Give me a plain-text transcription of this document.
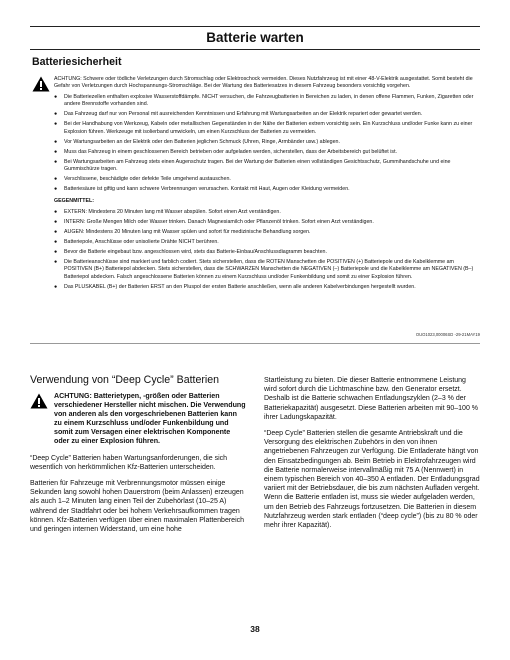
Batterie warten
Batteriesicherheit
ACHTUNG: Schwere oder tödliche Verletzungen durch Stromschlag oder Elektroschock vermeiden. Dieses Nutzfahrzeug ist mit einer 48-V-Elektrik ausgestattet. Somit besteht die Gefahr von Verletzungen durch Hochspannungs-Stromschläge. Bei der Wartung des Batteriesatzes in diesem Fahrzeug besonders vorsichtig vorgehen.
● Die Batteriezellen enthalten explosive Wasserstoffdämpfe. NICHT versuchen, die Fahrzeugbatterien in Bereichen zu laden, in denen offene Flammen, Funken, Zigaretten oder andere Brennstoffe vorhanden sind.
● Das Fahrzeug darf nur von Personal mit ausreichenden Kenntnissen und Erfahrung mit Wartungsarbeiten an der Elektrik repariert oder gewartet werden.
● Bei der Handhabung von Werkzeug, Kabeln oder metallischen Gegenständen in der Nähe der Batterien extrem vorsichtig sein. Ein Kurzschluss und/oder Funke kann zu einer Explosion führen. Werkzeuge mit isolierband umwickeln, um einen Kurzschluss der Batterien zu vermeiden.
● Vor Wartungsarbeiten an der Elektrik oder den Batterien jeglichen Schmuck (Uhren, Ringe, Armbänder usw.) ablegen.
● Muss das Fahrzeug in einem geschlossenen Bereich betrieben oder aufgeladen werden, sicherstellen, dass der Arbeitsbereich gut belüftet ist.
● Bei Wartungsarbeiten am Fahrzeug stets einen Augenschutz tragen. Bei der Wartung der Batterien einen vollständigen Gesichtsschutz, Gummihandschuhe und eine Gummischürze tragen.
● Verschlissene, beschädigte oder defekte Teile umgehend austauschen.
● Batteriesäure ist giftig und kann schwere Verbrennungen verursachen. Kontakt mit Haut, Augen oder Kleidung vermeiden.
GEGENMITTEL:
● EXTERN: Mindestens 20 Minuten lang mit Wasser abspülen. Sofort einen Arzt verständigen.
● INTERN: Große Mengen Milch oder Wasser trinken. Danach Magnesiamilch oder Pflanzenöl trinken. Sofort einen Arzt verständigen.
● AUGEN: Mindestens 20 Minuten lang mit Wasser spülen und sofort für medizinische Behandlung sorgen.
● Batteriepole, Anschlüsse oder unisolierte Drähte NICHT berühren.
● Bevor die Batterie eingebaut bzw. angeschlossen wird, stets das Batterie-Einbau/Anschlussdiagramm beachten.
● Die Batterieanschlüsse sind markiert und farblich codiert. Stets sicherstellen, dass die ROTEN Manschetten die POSITIVEN (+) Batteriepole und die Kabelklemme am POSITIVEN (B+) Batteriepol abdecken. Stets sicherstellen, dass die SCHWARZEN Manschetten die NEGATIVEN (–) Batteriepole und die Kabelklemme am NEGATIVEN (B–) Batteriepol abdecken. Falsch angeschlossene Batterien können zu einem Kurzschluss und/oder Funkenbildung und somit zu einer Explosion führen.
● Das PLUSKABEL (B+) der Batterien ERST an den Pluspol der ersten Batterie anschließen, wenn alle anderen Kabelverbindungen hergestellt wurden.
OUO1023,00006SD -29-21MAY19
Verwendung von “Deep Cycle” Batterien
ACHTUNG: Batterietypen, -größen oder Batterien verschiedener Hersteller nicht mischen. Die Verwendung von anderen als den vorgeschriebenen Batterien kann zu einem Kurzschluss und/oder Funkenbildung und somit zum Versagen einer elektrischen Komponente oder zu einer Explosion führen.

“Deep Cycle” Batterien haben Wartungsanforderungen, die sich wesentlich von herkömmlichen Kfz-Batterien unterscheiden.

Batterien für Fahrzeuge mit Verbrennungsmotor müssen einige Sekunden lang sowohl hohen Dauerstrom (beim Anlassen) erzeugen als auch 1–2 Minuten lang einen Teil der Zubehörlast (10–25 A) während der Stadtfahrt oder bei hohem Verkehrsaufkommen tragen können. Kfz-Batterien verfügen über einen maximalen Plattenbereich und geringen internen Widerstand, um eine hohe

Startleistung zu bieten. Die dieser Batterie entnommene Leistung wird sofort durch die Lichtmaschine bzw. den Generator ersetzt. Deshalb ist die Batterie schwachen Entladungszyklen (2–3 % der Batteriekapazität) ausgesetzt. Diese Batterien arbeiten mit 90–100 % ihrer Ladungskapazität.

“Deep Cycle” Batterien stellen die gesamte Antriebskraft und die Versorgung des elektrischen Zubehörs in den von ihnen angetriebenen Fahrzeugen zur Verfügung. Die Entladerate hängt von den Einsatzbedingungen ab. Beim Betrieb in Elektrofahrzeugen wird die Batterie normalerweise intervallmäßig mit 75 A (Nennwert) in einem typischen Bereich von 40–350 A entladen. Der Entladungsgrad variiert mit der Betriebsdauer, die bis zum nächsten Aufladen vergeht. Wenn die Batterie entladen ist, muss sie wieder aufgeladen werden, um den Betrieb des Fahrzeugs fortzusetzen. Die Batterien in diesem Nutzfahrzeug werden stark entladen (“deep cycle”) (bis zu 80 % oder mehr ihrer Kapazität).

38
